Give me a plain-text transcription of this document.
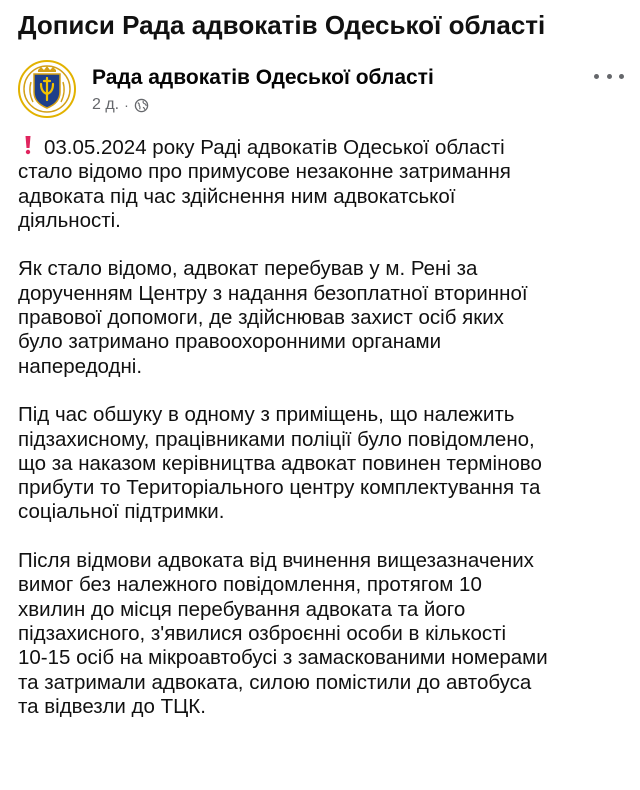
Дописи Рада адвокатів Одеської області
Рада адвокатів Одеської області
2 д. ·

03.05.2024 року Раді адвокатів Одеської області
стало відомо про примусове незаконне затримання
адвоката під час здійснення ним адвокатської
діяльності.

Як стало відомо, адвокат перебував у м. Рені за
дорученням Центру з надання безоплатної вторинної
правової допомоги, де здійснював захист осіб яких
було затримано правоохоронними органами
напередодні.

Під час обшуку в одному з приміщень, що належить
підзахисному, працівниками поліції було повідомлено,
що за наказом керівництва адвокат повинен терміново
прибути то Територіального центру комплектування та
соціальної підтримки.

Після відмови адвоката від вчинення вищезазначених
вимог без належного повідомлення, протягом 10
хвилин до місця перебування адвоката та його
підзахисного, з'явилися озброєнні особи в кількості
10-15 осіб на мікроавтобусі з замаскованими номерами
та затримали адвоката, силою помістили до автобуса
та відвезли до ТЦК.
